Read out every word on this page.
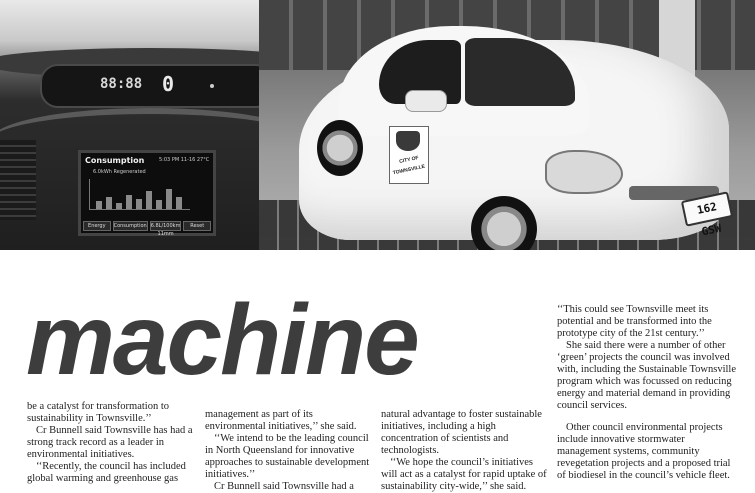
88:88 0
Consumption	5:03 PM 11-16 27°C
6.0kWh Regenerated
Energy	Consumption 6.8L/100km 11mm
Reset
CITY OF
TOWNSVILLE
162 GSW
machine

be a catalyst for transformation to sustainability in Townsville.’’

Cr Bunnell said Townsville has had a strong track record as a leader in environmental initiatives.

‘‘Recently, the council has included global warming and greenhouse gas

management as part of its environmental initiatives,’’ she said.

‘‘We intend to be the leading council in North Queensland for innovative approaches to sustainable development initiatives.’’

Cr Bunnell said Townsville had a

natural advantage to foster sustainable initiatives, including a high concentration of scientists and technologists.

‘‘We hope the council’s initiatives will act as a catalyst for rapid uptake of sustainability city-wide,’’ she said.

‘‘This could see Townsville meet its potential and be transformed into the prototype city of the 21st century.’’

She said there were a number of other ‘green’ projects the council was involved with, including the Sustainable Townsville program which was focussed on reducing energy and material demand in providing council services.

Other council environmental projects include innovative stormwater management systems, community revegetation projects and a proposed trial of biodiesel in the council’s vehicle fleet.
